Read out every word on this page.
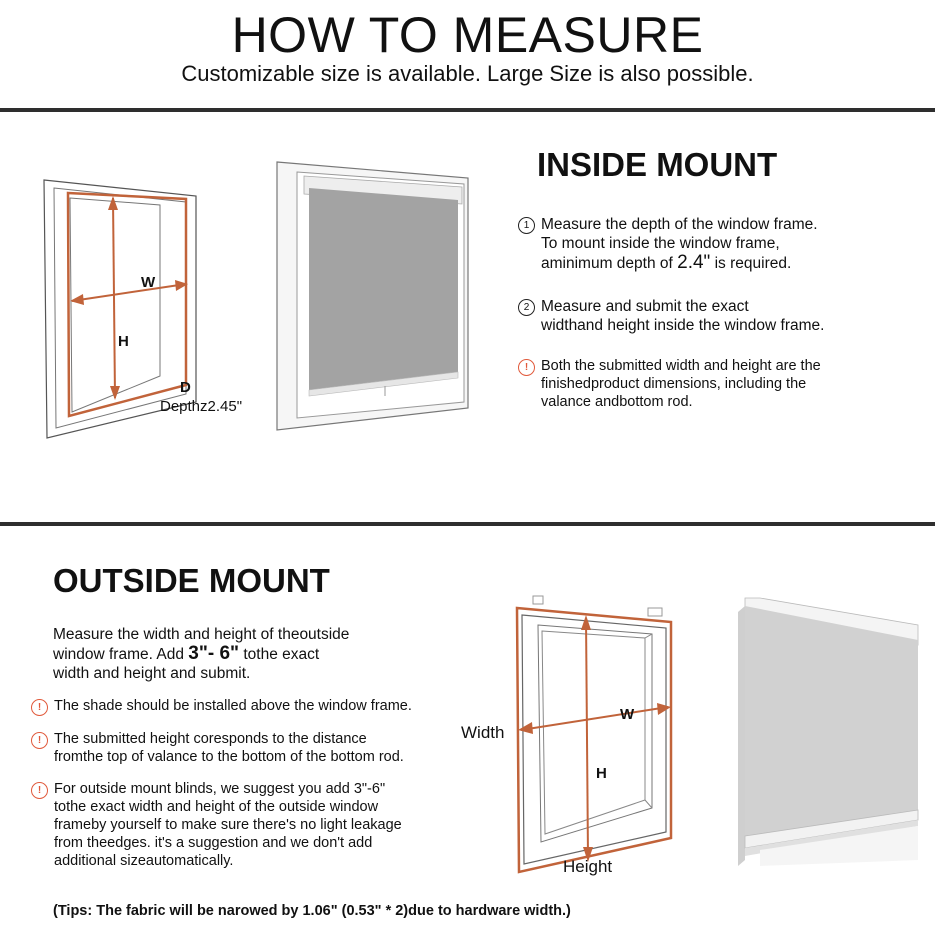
HOW TO MEASURE
Customizable size is available. Large Size is also possible.
W
H
D
Depthz2.45"
INSIDE MOUNT
1 Measure the depth of the window frame.
To mount inside the window frame,
aminimum depth of 2.4" is required.
2 Measure and submit the exact
widthand height inside the window frame.
! Both the submitted width and height are the
finishedproduct dimensions, including the
valance andbottom rod.
OUTSIDE MOUNT
Measure the width and height of theoutside
window frame. Add 3"- 6" tothe exact
width and height and submit.
! The shade should be installed above the window frame.
! The submitted height coresponds to the distance
fromthe top of valance to the bottom of the bottom rod.
! For outside mount blinds, we suggest you add 3"-6"
tothe exact width and height of the outside window
frameby yourself to make sure there's no light leakage
from theedges. it's a suggestion and we don't add
additional sizeautomatically.
Width
Height
W
H
(Tips: The fabric will be narowed by 1.06" (0.53" * 2)due to hardware width.)
